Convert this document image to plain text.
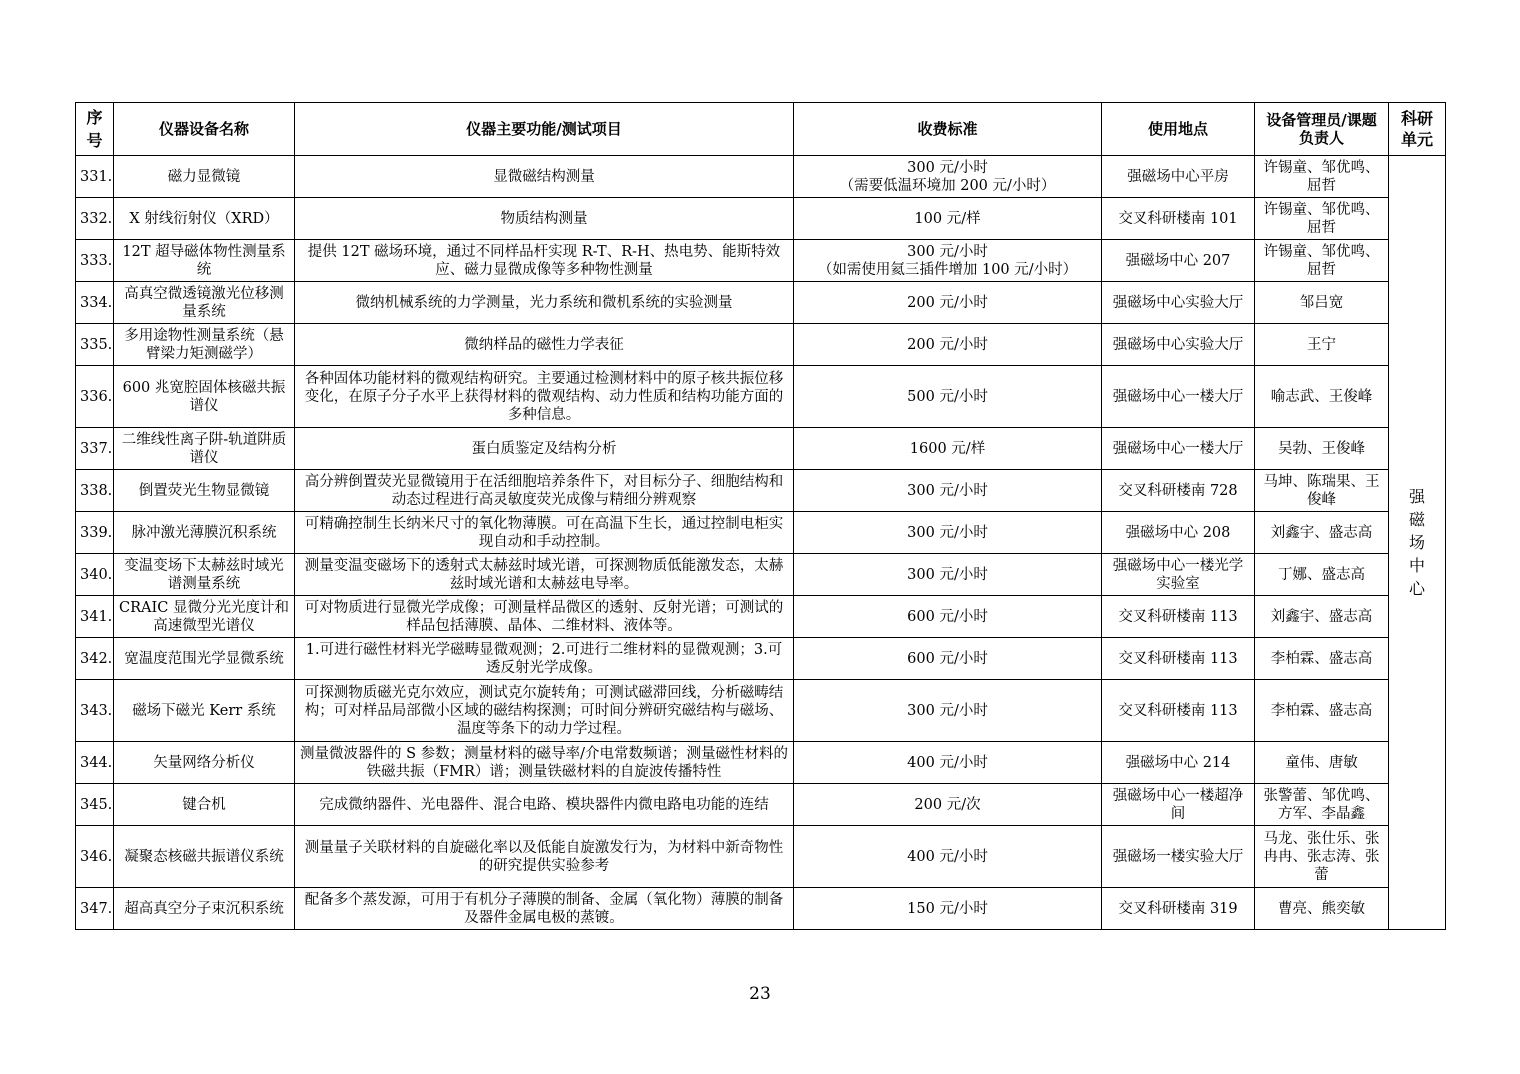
序号	仪器设备名称	仪器主要功能/测试项目	收费标准	使用地点	设备管理员/课题负责人	科研单元
331.	磁力显微镜	显微磁结构测量	300 元/小时
（需要低温环境加 200 元/小时）	强磁场中心平房	许锡童、邹优鸣、屈哲	强磁场中心
332.	X 射线衍射仪（XRD）	物质结构测量	100 元/样	交叉科研楼南 101	许锡童、邹优鸣、屈哲	
333.	12T 超导磁体物性测量系统	提供 12T 磁场环境，通过不同样品杆实现 R-T、R-H、热电势、能斯特效应、磁力显微成像等多种物性测量	300 元/小时
（如需使用氦三插件增加 100 元/小时）	强磁场中心 207	许锡童、邹优鸣、屈哲	
334.	高真空微透镜激光位移测量系统	微纳机械系统的力学测量，光力系统和微机系统的实验测量	200 元/小时	强磁场中心实验大厅	邹吕宽	
335.	多用途物性测量系统（悬臂梁力矩测磁学）	微纳样品的磁性力学表征	200 元/小时	强磁场中心实验大厅	王宁	
336.	600 兆宽腔固体核磁共振谱仪	各种固体功能材料的微观结构研究。主要通过检测材料中的原子核共振位移变化，在原子分子水平上获得材料的微观结构、动力性质和结构功能方面的多种信息。	500 元/小时	强磁场中心一楼大厅	喻志武、王俊峰	
337.	二维线性离子阱-轨道阱质谱仪	蛋白质鉴定及结构分析	1600 元/样	强磁场中心一楼大厅	吴勃、王俊峰	
338.	倒置荧光生物显微镜	高分辨倒置荧光显微镜用于在活细胞培养条件下，对目标分子、细胞结构和动态过程进行高灵敏度荧光成像与精细分辨观察	300 元/小时	交叉科研楼南 728	马坤、陈瑞果、王俊峰	
339.	脉冲激光薄膜沉积系统	可精确控制生长纳米尺寸的氧化物薄膜。可在高温下生长，通过控制电柜实现自动和手动控制。	300 元/小时	强磁场中心 208	刘鑫宇、盛志高	
340.	变温变场下太赫兹时域光谱测量系统	测量变温变磁场下的透射式太赫兹时域光谱，可探测物质低能激发态，太赫兹时域光谱和太赫兹电导率。	300 元/小时	强磁场中心一楼光学实验室	丁娜、盛志高	
341.	CRAIC 显微分光光度计和高速微型光谱仪	可对物质进行显微光学成像；可测量样品微区的透射、反射光谱；可测试的样品包括薄膜、晶体、二维材料、液体等。	600 元/小时	交叉科研楼南 113	刘鑫宇、盛志高	
342.	宽温度范围光学显微系统	1.可进行磁性材料光学磁畴显微观测；2.可进行二维材料的显微观测；3.可透反射光学成像。	600 元/小时	交叉科研楼南 113	李柏霖、盛志高	
343.	磁场下磁光 Kerr 系统	可探测物质磁光克尔效应，测试克尔旋转角；可测试磁滞回线，分析磁畴结构；可对样品局部微小区域的磁结构探测；可时间分辨研究磁结构与磁场、温度等条下的动力学过程。	300 元/小时	交叉科研楼南 113	李柏霖、盛志高	
344.	矢量网络分析仪	测量微波器件的 S 参数；测量材料的磁导率/介电常数频谱；测量磁性材料的铁磁共振（FMR）谱；测量铁磁材料的自旋波传播特性	400 元/小时	强磁场中心 214	童伟、唐敏	
345.	键合机	完成微纳器件、光电器件、混合电路、模块器件内微电路电功能的连结	200 元/次	强磁场中心一楼超净间	张警蕾、邹优鸣、方军、李晶鑫	
346.	凝聚态核磁共振谱仪系统	测量量子关联材料的自旋磁化率以及低能自旋激发行为，为材料中新奇物性的研究提供实验参考	400 元/小时	强磁场一楼实验大厅	马龙、张仕乐、张冉冉、张志涛、张蕾	
347.	超高真空分子束沉积系统	配备多个蒸发源，可用于有机分子薄膜的制备、金属（氧化物）薄膜的制备及器件金属电极的蒸镀。	150 元/小时	交叉科研楼南 319	曹亮、熊奕敏	
23
